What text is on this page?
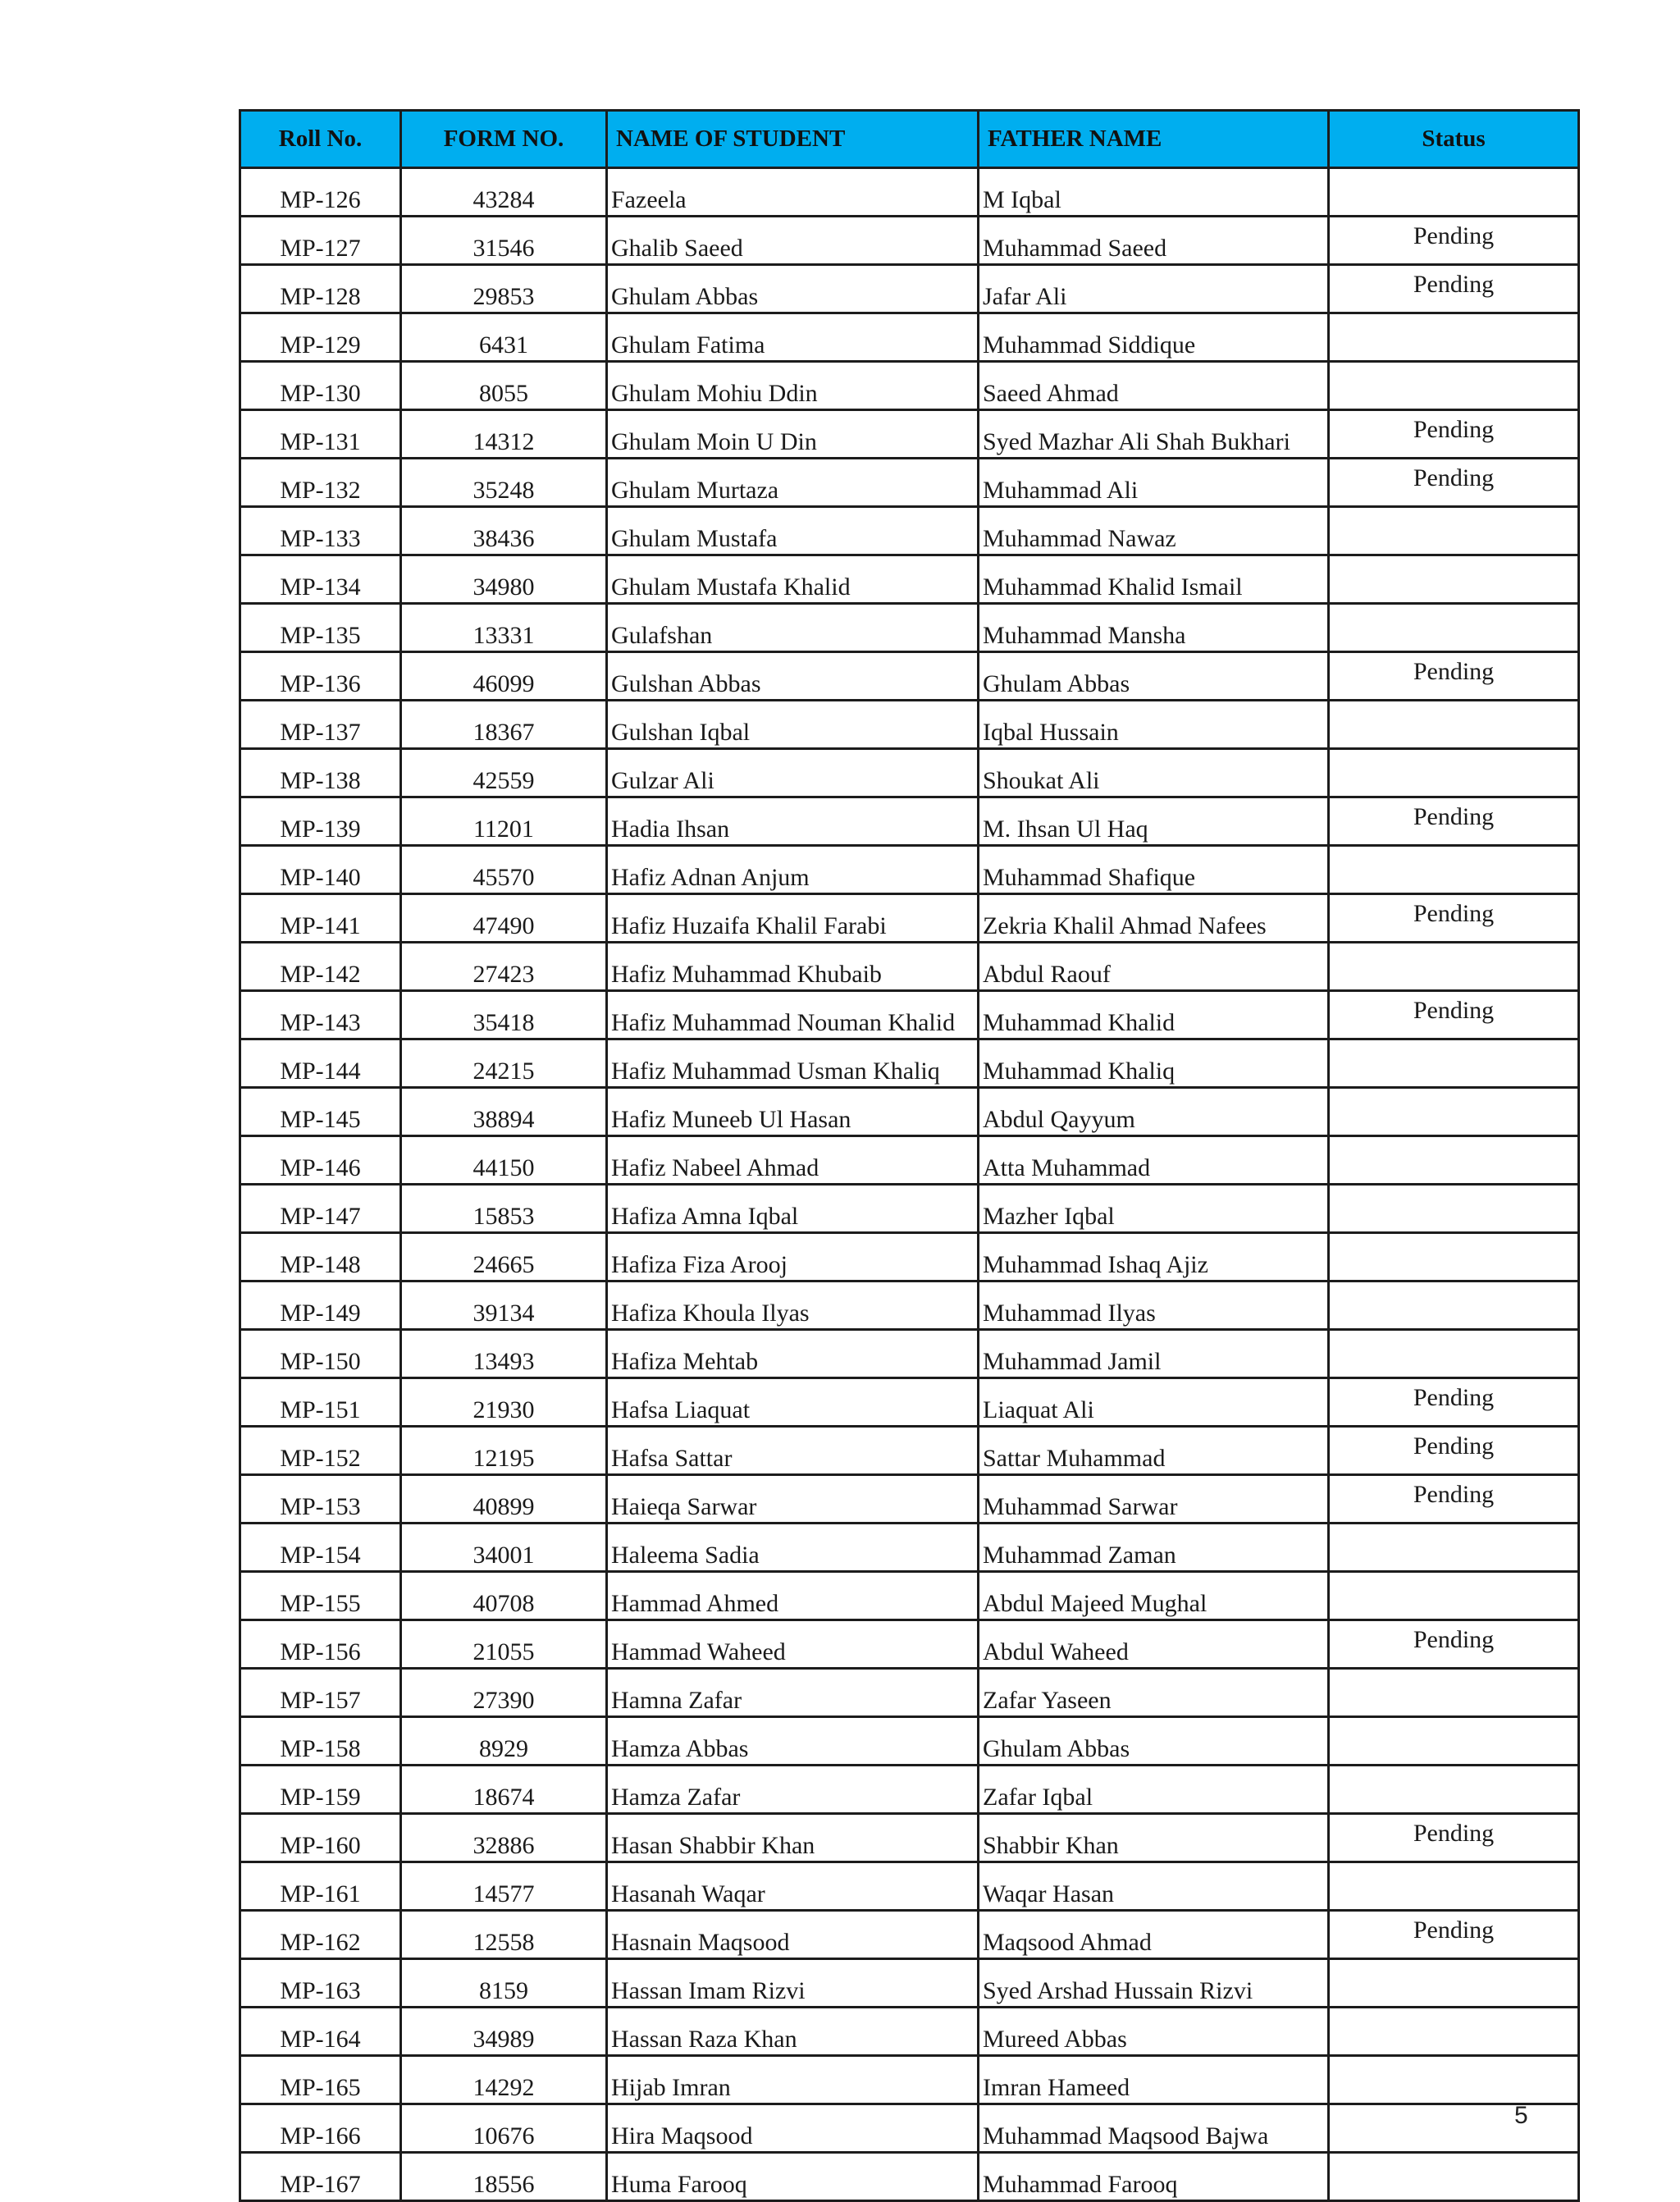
Roll No.	FORM NO.	NAME OF STUDENT	FATHER NAME	Status
MP-126	43284	Fazeela	M Iqbal	
MP-127	31546	Ghalib Saeed	Muhammad Saeed	Pending
MP-128	29853	Ghulam Abbas	Jafar Ali	Pending
MP-129	6431	Ghulam Fatima	Muhammad Siddique	
MP-130	8055	Ghulam Mohiu Ddin	Saeed Ahmad	
MP-131	14312	Ghulam Moin U Din	Syed Mazhar Ali Shah Bukhari	Pending
MP-132	35248	Ghulam Murtaza	Muhammad Ali	Pending
MP-133	38436	Ghulam Mustafa	Muhammad Nawaz	
MP-134	34980	Ghulam Mustafa Khalid	Muhammad Khalid Ismail	
MP-135	13331	Gulafshan	Muhammad Mansha	
MP-136	46099	Gulshan Abbas	Ghulam Abbas	Pending
MP-137	18367	Gulshan Iqbal	Iqbal Hussain	
MP-138	42559	Gulzar Ali	Shoukat Ali	
MP-139	11201	Hadia Ihsan	M. Ihsan Ul Haq	Pending
MP-140	45570	Hafiz Adnan Anjum	Muhammad Shafique	
MP-141	47490	Hafiz Huzaifa Khalil Farabi	Zekria Khalil Ahmad Nafees	Pending
MP-142	27423	Hafiz Muhammad Khubaib	Abdul Raouf	
MP-143	35418	Hafiz Muhammad Nouman Khalid	Muhammad Khalid	Pending
MP-144	24215	Hafiz Muhammad Usman Khaliq	Muhammad Khaliq	
MP-145	38894	Hafiz Muneeb Ul Hasan	Abdul Qayyum	
MP-146	44150	Hafiz Nabeel Ahmad	Atta Muhammad	
MP-147	15853	Hafiza Amna Iqbal	Mazher Iqbal	
MP-148	24665	Hafiza Fiza Arooj	Muhammad Ishaq Ajiz	
MP-149	39134	Hafiza Khoula Ilyas	Muhammad Ilyas	
MP-150	13493	Hafiza Mehtab	Muhammad Jamil	
MP-151	21930	Hafsa Liaquat	Liaquat Ali	Pending
MP-152	12195	Hafsa Sattar	Sattar Muhammad	Pending
MP-153	40899	Haieqa Sarwar	Muhammad Sarwar	Pending
MP-154	34001	Haleema Sadia	Muhammad Zaman	
MP-155	40708	Hammad Ahmed	Abdul Majeed Mughal	
MP-156	21055	Hammad Waheed	Abdul Waheed	Pending
MP-157	27390	Hamna Zafar	Zafar Yaseen	
MP-158	8929	Hamza Abbas	Ghulam Abbas	
MP-159	18674	Hamza Zafar	Zafar Iqbal	
MP-160	32886	Hasan Shabbir Khan	Shabbir Khan	Pending
MP-161	14577	Hasanah Waqar	Waqar Hasan	
MP-162	12558	Hasnain Maqsood	Maqsood Ahmad	Pending
MP-163	8159	Hassan Imam Rizvi	Syed Arshad Hussain Rizvi	
MP-164	34989	Hassan Raza Khan	Mureed Abbas	
MP-165	14292	Hijab Imran	Imran Hameed	
MP-166	10676	Hira Maqsood	Muhammad Maqsood Bajwa	
MP-167	18556	Huma Farooq	Muhammad Farooq	
5
